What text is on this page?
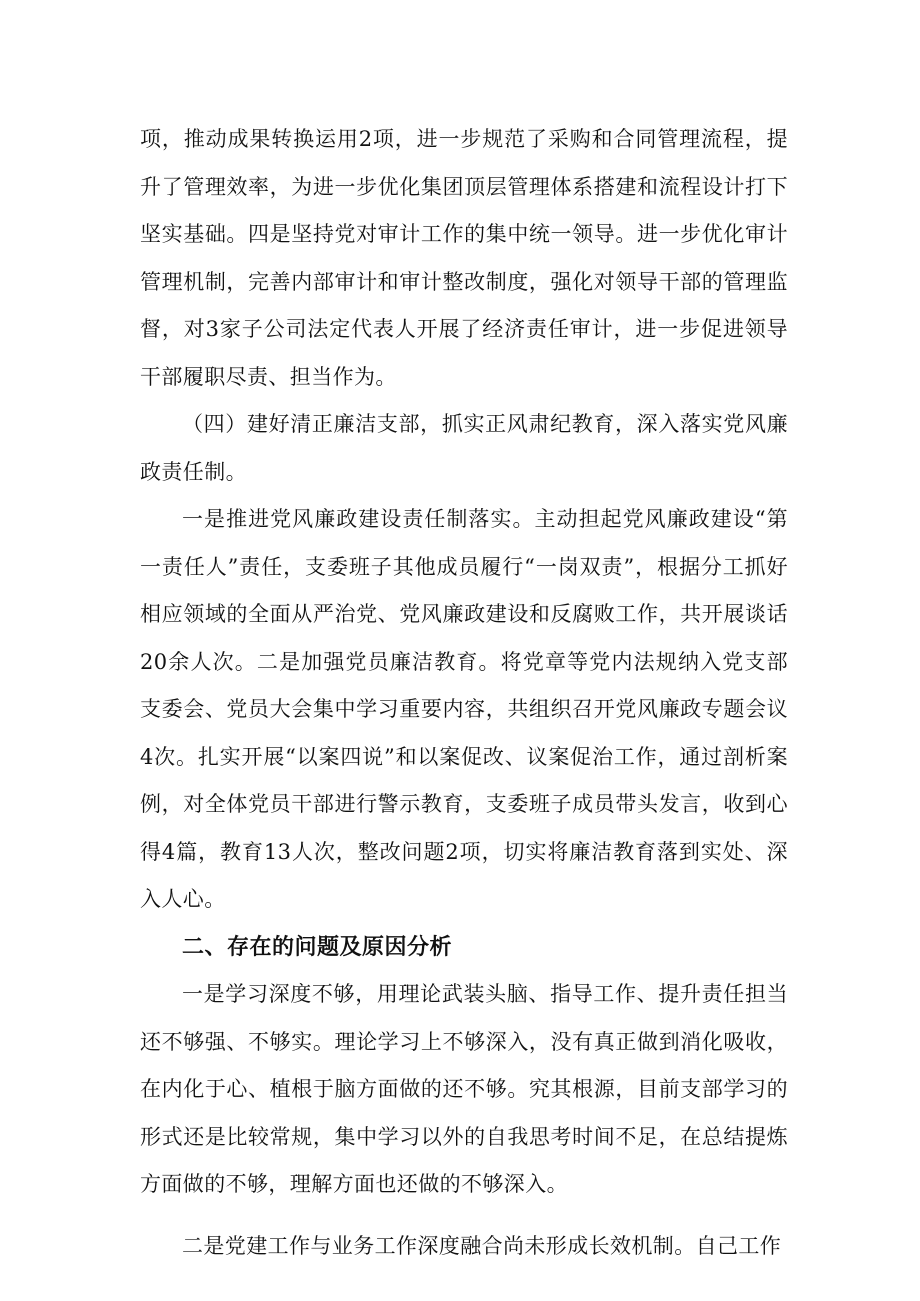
项，推动成果转换运用2项，进一步规范了采购和合同管理流程，提升了管理效率，为进一步优化集团顶层管理体系搭建和流程设计打下坚实基础。四是坚持党对审计工作的集中统一领导。进一步优化审计管理机制，完善内部审计和审计整改制度，强化对领导干部的管理监督，对3家子公司法定代表人开展了经济责任审计，进一步促进领导干部履职尽责、担当作为。

（四）建好清正廉洁支部，抓实正风肃纪教育，深入落实党风廉政责任制。

一是推进党风廉政建设责任制落实。主动担起党风廉政建设“第一责任人”责任，支委班子其他成员履行“一岗双责”，根据分工抓好相应领域的全面从严治党、党风廉政建设和反腐败工作，共开展谈话20余人次。二是加强党员廉洁教育。将党章等党内法规纳入党支部支委会、党员大会集中学习重要内容，共组织召开党风廉政专题会议4次。扎实开展“以案四说”和以案促改、议案促治工作，通过剖析案例，对全体党员干部进行警示教育，支委班子成员带头发言，收到心得4篇，教育13人次，整改问题2项，切实将廉洁教育落到实处、深入人心。

二、存在的问题及原因分析

一是学习深度不够，用理论武装头脑、指导工作、提升责任担当还不够强、不够实。理论学习上不够深入，没有真正做到消化吸收，在内化于心、植根于脑方面做的还不够。究其根源，目前支部学习的形式还是比较常规，集中学习以外的自我思考时间不足，在总结提炼方面做的不够，理解方面也还做的不够深入。

二是党建工作与业务工作深度融合尚未形成长效机制。自己工作
